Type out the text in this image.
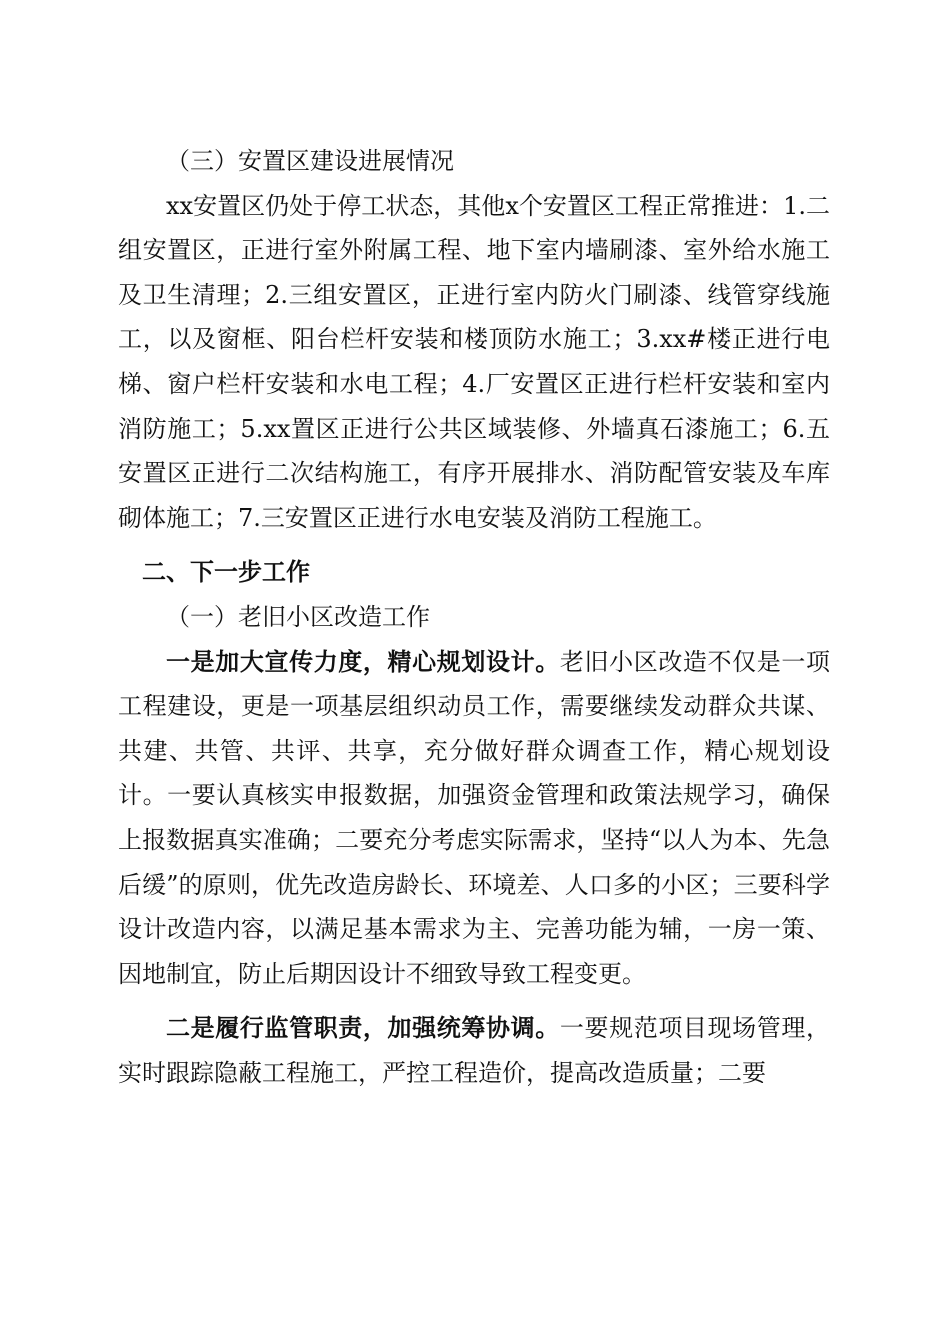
（三）安置区建设进展情况

xx安置区仍处于停工状态，其他x个安置区工程正常推进：1.二组安置区，正进行室外附属工程、地下室内墙刷漆、室外给水施工及卫生清理；2.三组安置区，正进行室内防火门刷漆、线管穿线施工，以及窗框、阳台栏杆安装和楼顶防水施工；3.xx#楼正进行电梯、窗户栏杆安装和水电工程；4.厂安置区正进行栏杆安装和室内消防施工；5.xx置区正进行公共区域装修、外墙真石漆施工；6.五安置区正进行二次结构施工，有序开展排水、消防配管安装及车库砌体施工；7.三安置区正进行水电安装及消防工程施工。

二、下一步工作

（一）老旧小区改造工作

一是加大宣传力度，精心规划设计。老旧小区改造不仅是一项工程建设，更是一项基层组织动员工作，需要继续发动群众共谋、共建、共管、共评、共享，充分做好群众调查工作，精心规划设计。一要认真核实申报数据，加强资金管理和政策法规学习，确保上报数据真实准确；二要充分考虑实际需求，坚持“以人为本、先急后缓”的原则，优先改造房龄长、环境差、人口多的小区；三要科学设计改造内容，以满足基本需求为主、完善功能为辅，一房一策、因地制宜，防止后期因设计不细致导致工程变更。

二是履行监管职责，加强统筹协调。一要规范项目现场管理，实时跟踪隐蔽工程施工，严控工程造价，提高改造质量；二要
